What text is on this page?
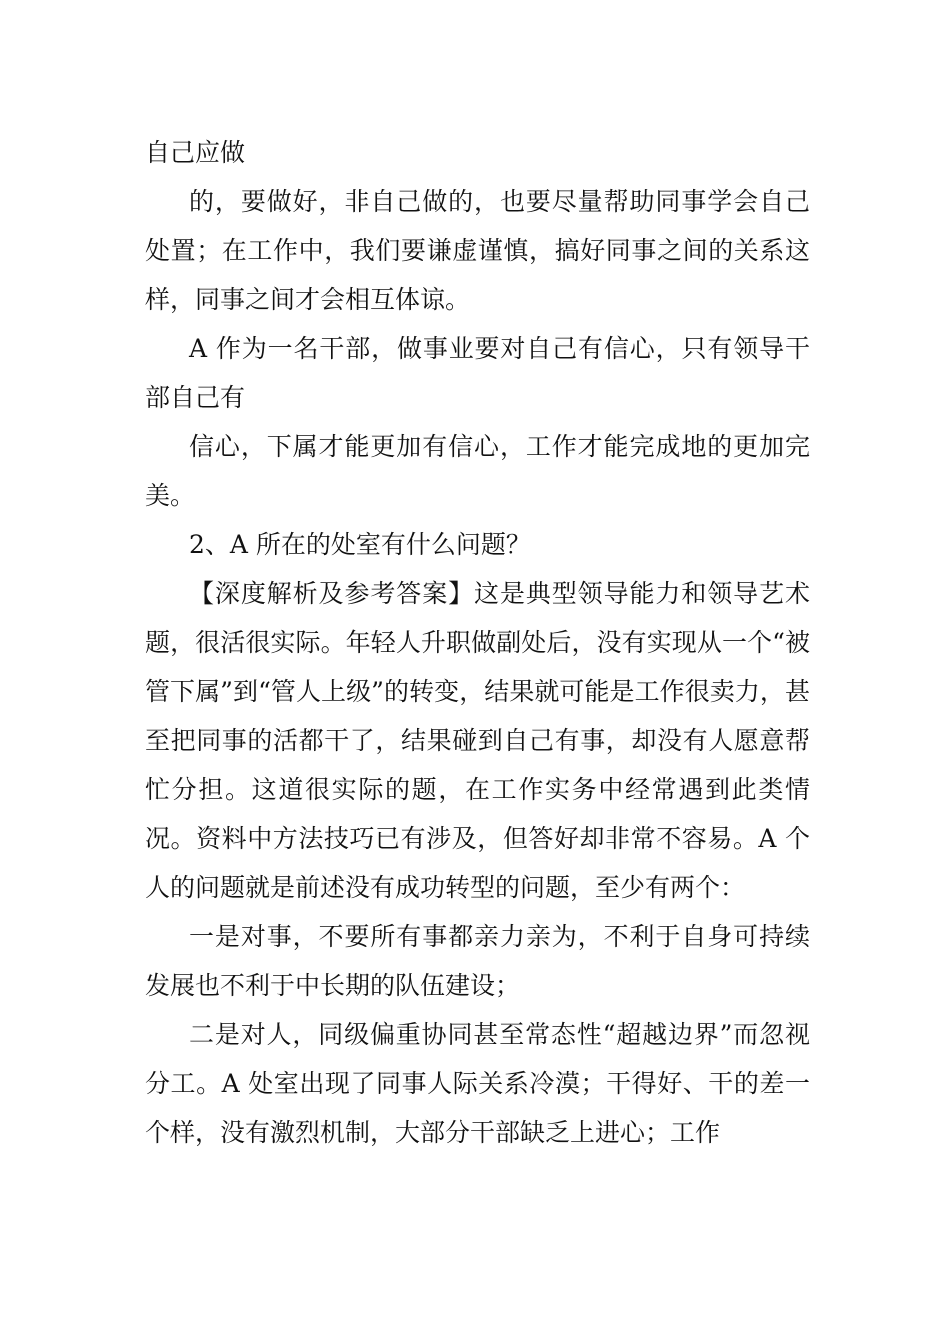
自己应做

的，要做好，非自己做的，也要尽量帮助同事学会自己处置；在工作中，我们要谦虚谨慎，搞好同事之间的关系这样，同事之间才会相互体谅。

A 作为一名干部，做事业要对自己有信心，只有领导干部自己有

信心，下属才能更加有信心，工作才能完成地的更加完美。

2、A 所在的处室有什么问题？

【深度解析及参考答案】这是典型领导能力和领导艺术题，很活很实际。年轻人升职做副处后，没有实现从一个“被管下属”到“管人上级”的转变，结果就可能是工作很卖力，甚至把同事的活都干了，结果碰到自己有事，却没有人愿意帮忙分担。这道很实际的题，在工作实务中经常遇到此类情况。资料中方法技巧已有涉及，但答好却非常不容易。A 个人的问题就是前述没有成功转型的问题，至少有两个：

一是对事，不要所有事都亲力亲为，不利于自身可持续发展也不利于中长期的队伍建设；

二是对人，同级偏重协同甚至常态性“超越边界”而忽视分工。A 处室出现了同事人际关系冷漠；干得好、干的差一个样，没有激烈机制，大部分干部缺乏上进心；工作
